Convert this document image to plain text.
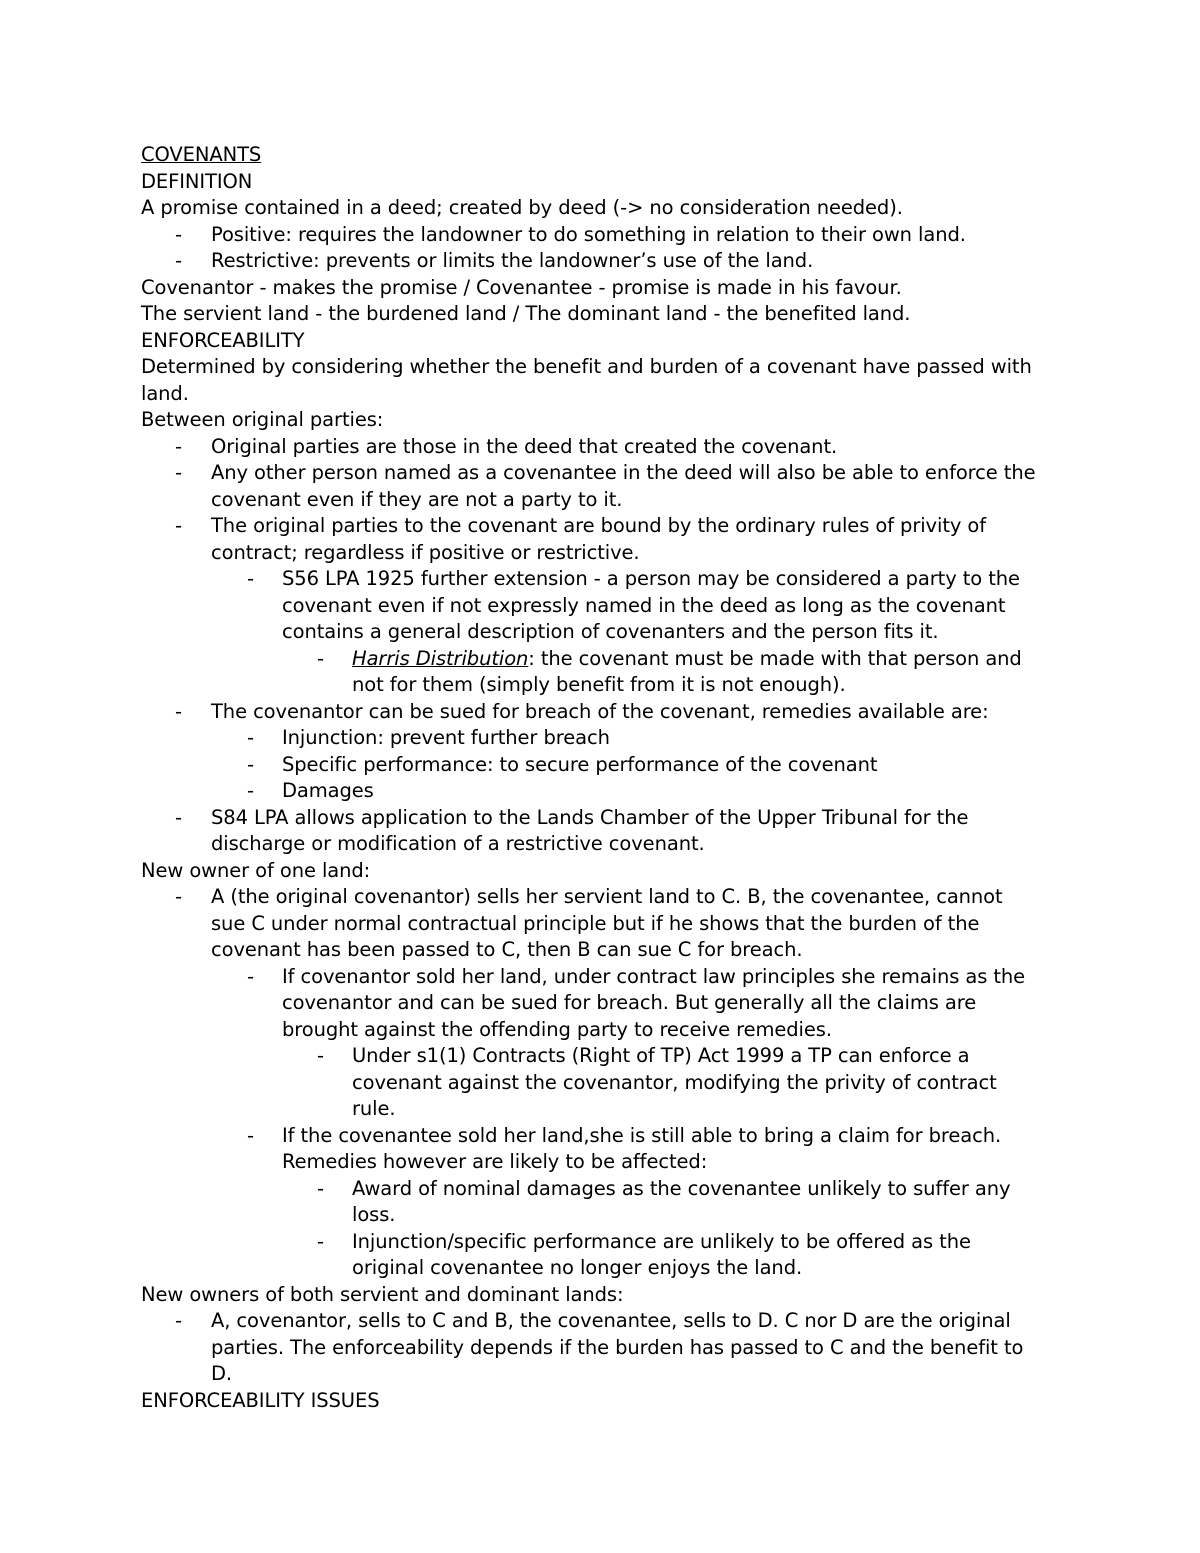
COVENANTS
DEFINITION
A promise contained in a deed; created by deed (-> no consideration needed).
- Positive: requires the landowner to do something in relation to their own land.
- Restrictive: prevents or limits the landowner’s use of the land.
Covenantor - makes the promise / Covenantee - promise is made in his favour.
The servient land - the burdened land / The dominant land - the benefited land.
ENFORCEABILITY
Determined by considering whether the benefit and burden of a covenant have passed with
land.
Between original parties:
- Original parties are those in the deed that created the covenant.
- Any other person named as a covenantee in the deed will also be able to enforce the
covenant even if they are not a party to it.
- The original parties to the covenant are bound by the ordinary rules of privity of
contract; regardless if positive or restrictive.
- S56 LPA 1925 further extension - a person may be considered a party to the
covenant even if not expressly named in the deed as long as the covenant
contains a general description of covenanters and the person fits it.
- Harris Distribution: the covenant must be made with that person and
not for them (simply benefit from it is not enough).
- The covenantor can be sued for breach of the covenant, remedies available are:
- Injunction: prevent further breach
- Specific performance: to secure performance of the covenant
- Damages
- S84 LPA allows application to the Lands Chamber of the Upper Tribunal for the
discharge or modification of a restrictive covenant.
New owner of one land:
- A (the original covenantor) sells her servient land to C. B, the covenantee, cannot
sue C under normal contractual principle but if he shows that the burden of the
covenant has been passed to C, then B can sue C for breach.
- If covenantor sold her land, under contract law principles she remains as the
covenantor and can be sued for breach. But generally all the claims are
brought against the offending party to receive remedies.
- Under s1(1) Contracts (Right of TP) Act 1999 a TP can enforce a
covenant against the covenantor, modifying the privity of contract
rule.
- If the covenantee sold her land,she is still able to bring a claim for breach.
Remedies however are likely to be affected:
- Award of nominal damages as the covenantee unlikely to suffer any
loss.
- Injunction/specific performance are unlikely to be offered as the
original covenantee no longer enjoys the land.
New owners of both servient and dominant lands:
- A, covenantor, sells to C and B, the covenantee, sells to D. C nor D are the original
parties. The enforceability depends if the burden has passed to C and the benefit to
D.
ENFORCEABILITY ISSUES
